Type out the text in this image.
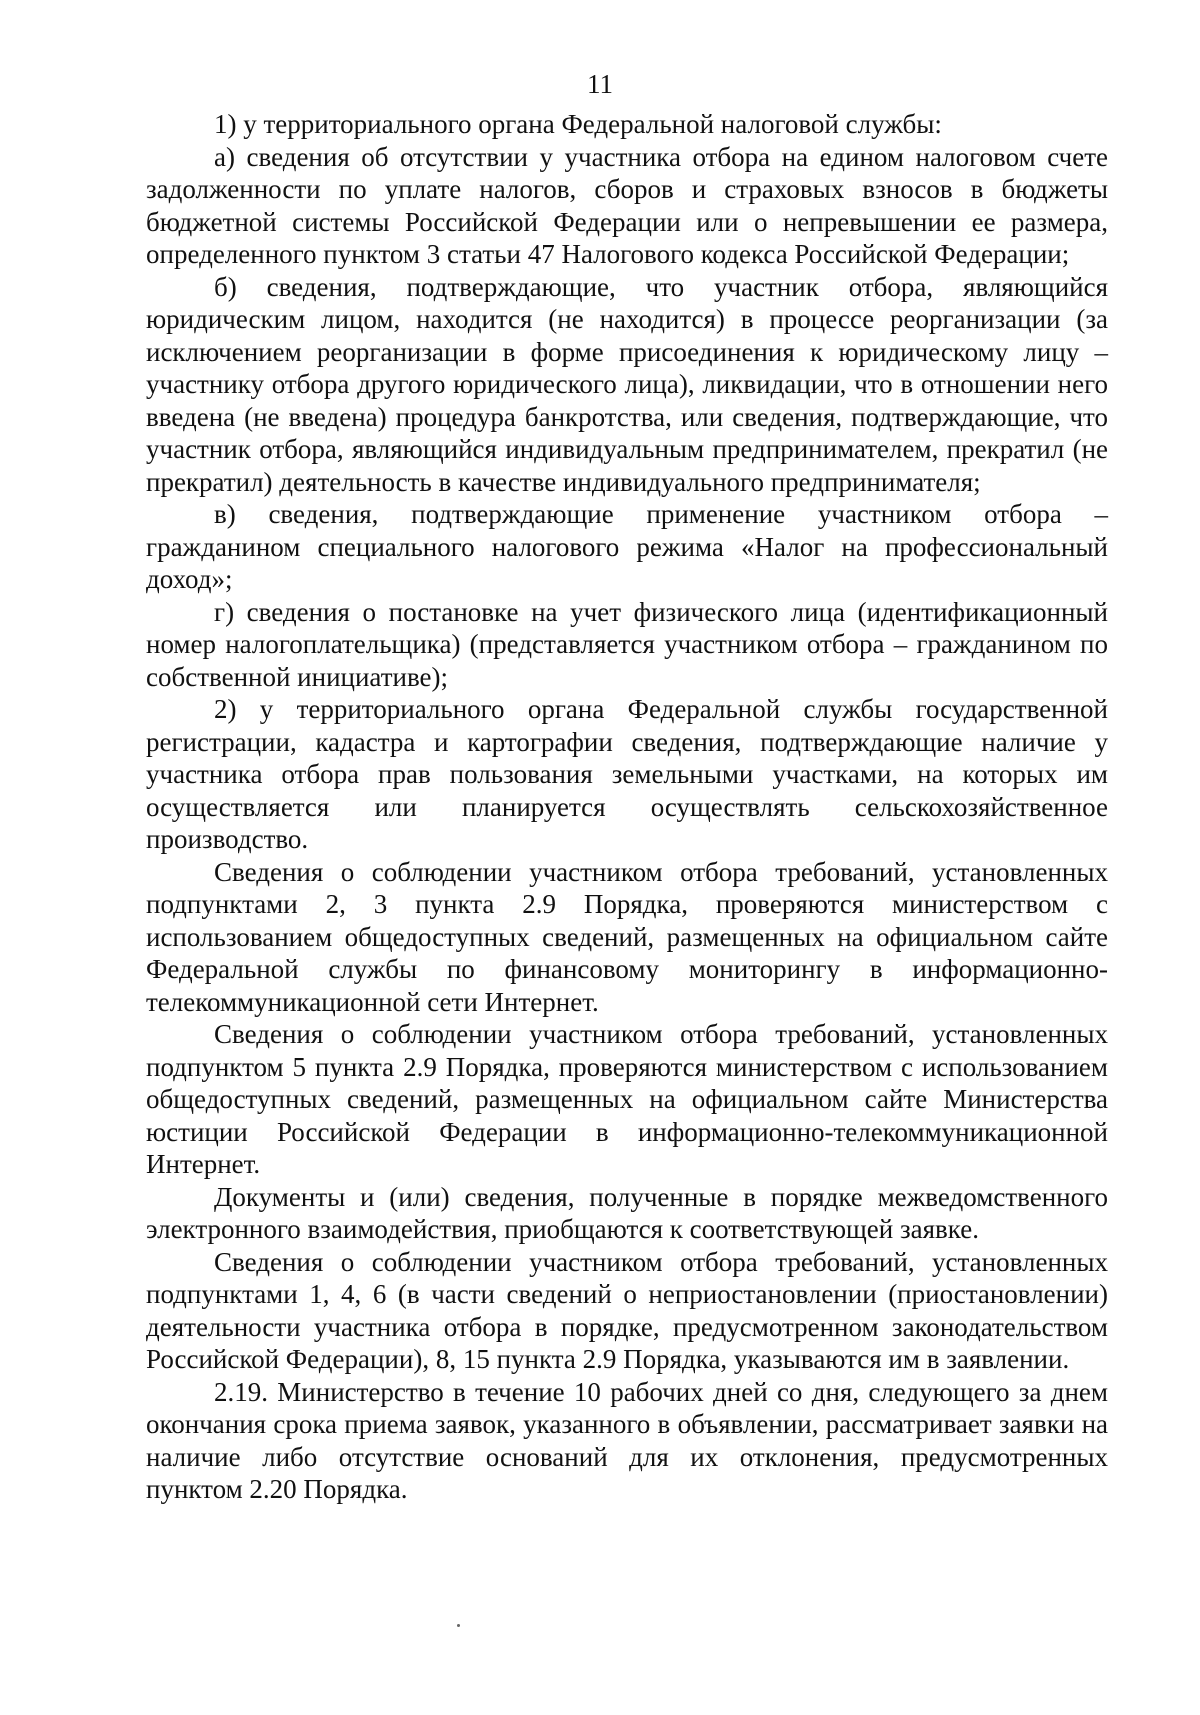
11

1) у территориального органа Федеральной налоговой службы:

а) сведения об отсутствии у участника отбора на едином налоговом счете задолженности по уплате налогов, сборов и страховых взносов в бюджеты бюджетной системы Российской Федерации или о непревышении ее размера, определенного пунктом 3 статьи 47 Налогового кодекса Российской Федерации;

б) сведения, подтверждающие, что участник отбора, являющийся юридическим лицом, находится (не находится) в процессе реорганизации (за исключением реорганизации в форме присоединения к юридическому лицу – участнику отбора другого юридического лица), ликвидации, что в отношении него введена (не введена) процедура банкротства, или сведения, подтверждающие, что участник отбора, являющийся индивидуальным предпринимателем, прекратил (не прекратил) деятельность в качестве индивидуального предпринимателя;

в) сведения, подтверждающие применение участником отбора – гражданином специального налогового режима «Налог на профессиональный доход»;

г) сведения о постановке на учет физического лица (идентификационный номер налогоплательщика) (представляется участником отбора – гражданином по собственной инициативе);

2) у территориального органа Федеральной службы государственной регистрации, кадастра и картографии сведения, подтверждающие наличие у участника отбора прав пользования земельными участками, на которых им осуществляется или планируется осуществлять сельскохозяйственное производство.

Сведения о соблюдении участником отбора требований, установленных подпунктами 2, 3 пункта 2.9 Порядка, проверяются министерством с использованием общедоступных сведений, размещенных на официальном сайте Федеральной службы по финансовому мониторингу в информационно-телекоммуникационной сети Интернет.

Сведения о соблюдении участником отбора требований, установленных подпунктом 5 пункта 2.9 Порядка, проверяются министерством с использованием общедоступных сведений, размещенных на официальном сайте Министерства юстиции Российской Федерации в информационно-телекоммуникационной Интернет.

Документы и (или) сведения, полученные в порядке межведомственного электронного взаимодействия, приобщаются к соответствующей заявке.

Сведения о соблюдении участником отбора требований, установленных подпунктами 1, 4, 6 (в части сведений о неприостановлении (приостановлении) деятельности участника отбора в порядке, предусмотренном законодательством Российской Федерации), 8, 15 пункта 2.9 Порядка, указываются им в заявлении.

2.19. Министерство в течение 10 рабочих дней со дня, следующего за днем окончания срока приема заявок, указанного в объявлении, рассматривает заявки на наличие либо отсутствие оснований для их отклонения, предусмотренных пунктом 2.20 Порядка.
